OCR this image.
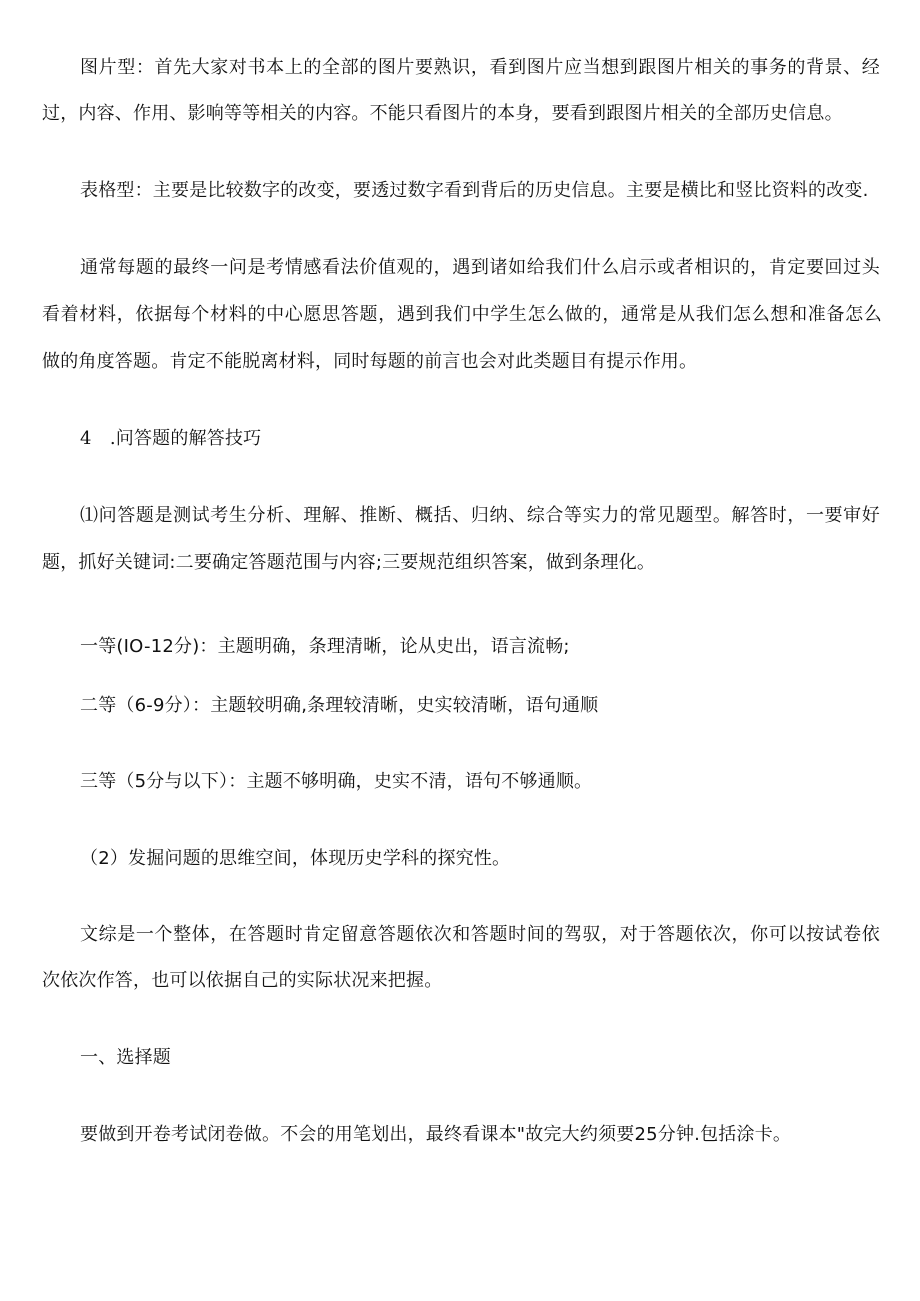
图片型：首先大家对书本上的全部的图片要熟识，看到图片应当想到跟图片相关的事务的背景、经
过，内容、作用、影响等等相关的内容。不能只看图片的本身，要看到跟图片相关的全部历史信息。
表格型：主要是比较数字的改变，要透过数字看到背后的历史信息。主要是横比和竖比资料的改变.
通常每题的最终一问是考情感看法价值观的，遇到诸如给我们什么启示或者相识的，肯定要回过头
看着材料，依据每个材料的中心愿思答题，遇到我们中学生怎么做的，通常是从我们怎么想和准备怎么
做的角度答题。肯定不能脱离材料，同时每题的前言也会对此类题目有提示作用。
4　.问答题的解答技巧
⑴问答题是测试考生分析、理解、推断、概括、归纳、综合等实力的常见题型。解答时，一要审好
题，抓好关键词:二要确定答题范围与内容;三要规范组织答案，做到条理化。
一等(IO-12分)：主题明确，条理清晰，论从史出，语言流畅;
二等（6-9分）：主题较明确,条理较清晰，史实较清晰，语句通顺
三等（5分与以下）：主题不够明确，史实不清，语句不够通顺。
（2）发掘问题的思维空间，体现历史学科的探究性。
文综是一个整体，在答题时肯定留意答题依次和答题时间的驾驭，对于答题依次，你可以按试卷依
次依次作答，也可以依据自己的实际状况来把握。
一、选择题
要做到开卷考试闭卷做。不会的用笔划出，最终看课本"故完大约须要25分钟.包括涂卡。
